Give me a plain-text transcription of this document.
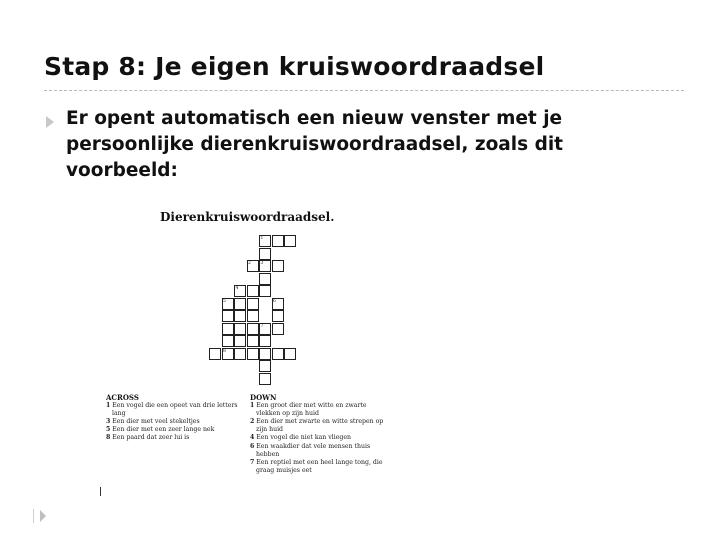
Stap 8: Je eigen kruiswoordraadsel
Er opent automatisch een nieuw venster met je persoonlijke dierenkruiswoordraadsel, zoals dit voorbeeld:
Dierenkruiswoordraadsel.
1
2 3
4
5	6
7
8
ACROSS
1 Een vogel die een opeet van drie letters
lang
3 Een dier met veel stekeltjes
5 Een dier met een zeer lange nek
8 Een paard dat zeer lui is
DOWN
1 Een groot dier met witte en zwarte
vlekken op zijn huid
2 Een dier met zwarte en witte strepen op
zijn huid
4 Een vogel die niet kan vliegen
6 Een waakdier dat vele mensen thuis
hebben
7 Een reptiel met een heel lange tong, die
graag muisjes eet
